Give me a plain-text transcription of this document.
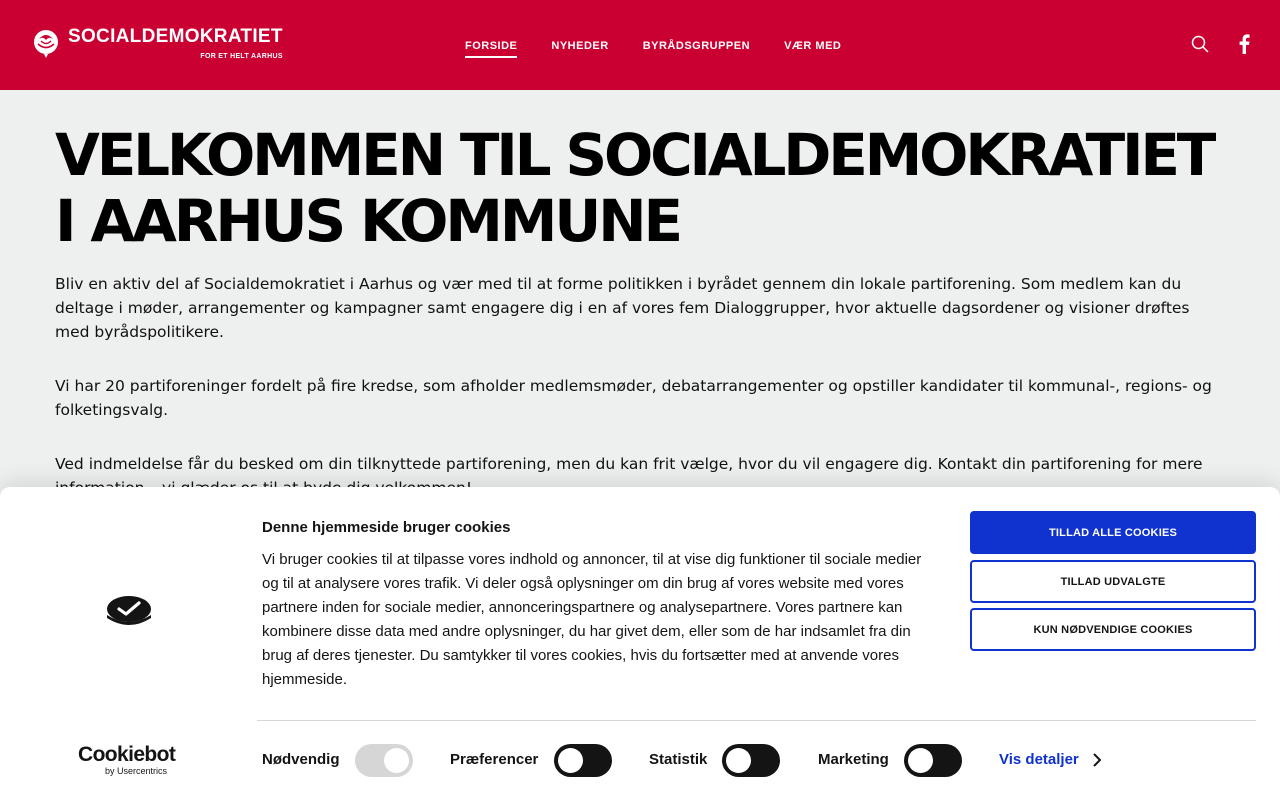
SOCIALDEMOKRATIET
FOR ET HELT AARHUS
FORSIDE	NYHEDER	BYRÅDSGRUPPEN	VÆR MED
VELKOMMEN TIL SOCIALDEMOKRATIET I AARHUS KOMMUNE

Bliv en aktiv del af Socialdemokratiet i Aarhus og vær med til at forme politikken i byrådet gennem din lokale partiforening. Som medlem kan du deltage i møder, arrangementer og kampagner samt engagere dig i en af vores fem Dialoggrupper, hvor aktuelle dagsordener og visioner drøftes med byrådspolitikere.

Vi har 20 partiforeninger fordelt på fire kredse, som afholder medlemsmøder, debatarrangementer og opstiller kandidater til kommunal-, regions- og folketingsvalg.

Ved indmeldelse får du besked om din tilknyttede partiforening, men du kan frit vælge, hvor du vil engagere dig. Kontakt din partiforening for mere

Denne hjemmeside bruger cookies
Vi bruger cookies til at tilpasse vores indhold og annoncer, til at vise dig funktioner til sociale medier og til at analysere vores trafik. Vi deler også oplysninger om din brug af vores website med vores partnere inden for sociale medier, annonceringspartnere og analysepartnere. Vores partnere kan kombinere disse data med andre oplysninger, du har givet dem, eller som de har indsamlet fra din brug af deres tjenester. Du samtykker til vores cookies, hvis du fortsætter med at anvende vores hjemmeside.
TILLAD ALLE COOKIES
TILLAD UDVALGTE
KUN NØDVENDIGE COOKIES
Cookiebot
by Usercentrics
Nødvendig	Præferencer	Statistik	Marketing	Vis detaljer
